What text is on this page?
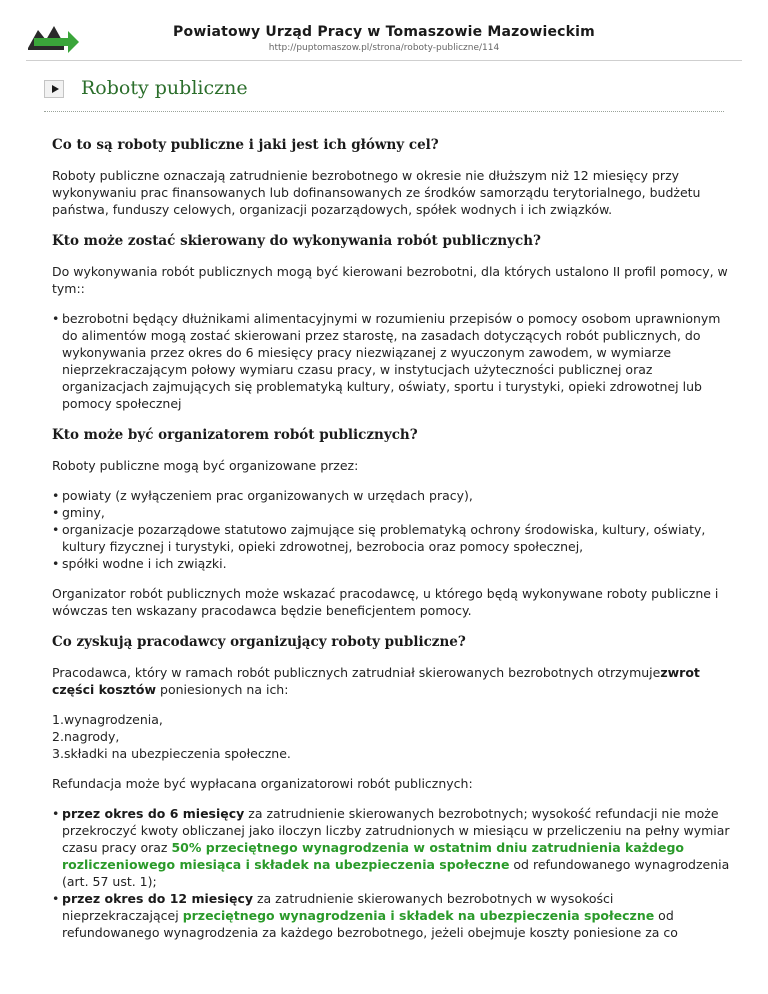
Powiatowy Urząd Pracy w Tomaszowie Mazowieckim
http://puptomaszow.pl/strona/roboty-publiczne/114
Roboty publiczne
Co to są roboty publiczne i jaki jest ich główny cel?

Roboty publiczne oznaczają zatrudnienie bezrobotnego w okresie nie dłuższym niż 12 miesięcy przy wykonywaniu prac finansowanych lub dofinansowanych ze środków samorządu terytorialnego, budżetu państwa, funduszy celowych, organizacji pozarządowych, spółek wodnych i ich związków.

Kto może zostać skierowany do wykonywania robót publicznych?

Do wykonywania robót publicznych mogą być kierowani bezrobotni, dla których ustalono II profil pomocy, w tym::

• bezrobotni będący dłużnikami alimentacyjnymi w rozumieniu przepisów o pomocy osobom uprawnionym do alimentów mogą zostać skierowani przez starostę, na zasadach dotyczących robót publicznych, do wykonywania przez okres do 6 miesięcy pracy niezwiązanej z wyuczonym zawodem, w wymiarze nieprzekraczającym połowy wymiaru czasu pracy, w instytucjach użyteczności publicznej oraz organizacjach zajmujących się problematyką kultury, oświaty, sportu i turystyki, opieki zdrowotnej lub pomocy społecznej
Kto może być organizatorem robót publicznych?

Roboty publiczne mogą być organizowane przez:

• powiaty (z wyłączeniem prac organizowanych w urzędach pracy),
• gminy,
• organizacje pozarządowe statutowo zajmujące się problematyką ochrony środowiska, kultury, oświaty, kultury fizycznej i turystyki, opieki zdrowotnej, bezrobocia oraz pomocy społecznej,
• spółki wodne i ich związki.

Organizator robót publicznych może wskazać pracodawcę, u którego będą wykonywane roboty publiczne i wówczas ten wskazany pracodawca będzie beneficjentem pomocy.

Co zyskują pracodawcy organizujący roboty publiczne?

Pracodawca, który w ramach robót publicznych zatrudniał skierowanych bezrobotnych otrzymujezwrot części kosztów poniesionych na ich:

1. wynagrodzenia,
2. nagrody,
3. składki na ubezpieczenia społeczne.

Refundacja może być wypłacana organizatorowi robót publicznych:

• przez okres do 6 miesięcy za zatrudnienie skierowanych bezrobotnych; wysokość refundacji nie może przekroczyć kwoty obliczanej jako iloczyn liczby zatrudnionych w miesiącu w przeliczeniu na pełny wymiar czasu pracy oraz 50% przeciętnego wynagrodzenia w ostatnim dniu zatrudnienia każdego rozliczeniowego miesiąca i składek na ubezpieczenia społeczne od refundowanego wynagrodzenia (art. 57 ust. 1);
• przez okres do 12 miesięcy za zatrudnienie skierowanych bezrobotnych w wysokości nieprzekraczającej przeciętnego wynagrodzenia i składek na ubezpieczenia społeczne od refundowanego wynagrodzenia za każdego bezrobotnego, jeżeli obejmuje koszty poniesione za co
